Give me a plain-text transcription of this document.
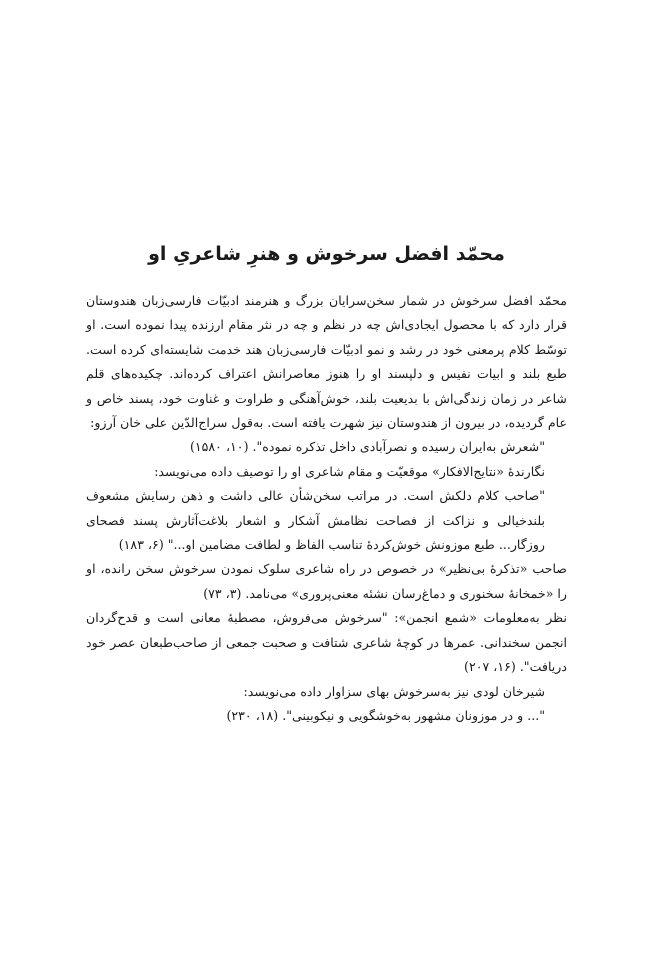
محمّد افضل سرخوش و هنرِ شاعریِ او

محمّد افضل سرخوش در شمار سخن‌سرایان بزرگ و هنرمند ادبیّات فارسی‌زبان هندوستان قرار دارد که با محصول ایجادی‌اش چه در نظم و چه در نثر مقام ارزنده پیدا نموده است. او توسّط کلام پرمعنی خود در رشد و نمو ادبیّات فارسی‌زبان هند خدمت شایسته‌ای کرده است. طبع بلند و ابیات نفیس و دلپسند او را هنوز معاصرانش اعتراف کرده‌اند. چکیده‌های قلم شاعر در زمان زندگی‌اش با بدیعیت بلند، خوش‌آهنگی و طراوت و غناوت خود، پسند خاص و عام گردیده، در بیرون از هندوستان نیز شهرت یافته است. به‌قول سراج‌الدّین علی خان آرزو:

"شعرش به‌ایران رسیده و نصرآبادی داخل تذکره نموده". (۱۰، ۱۵۸۰)

نگارندهٔ «نتایج‌الافکار» موقعیّت و مقام شاعری او را توصیف داده می‌نویسد:

"صاحب کلام دلکش است. در مراتب سخن‌شأن عالی داشت و ذهن رسایش مشعوف بلندخیالی و نزاکت از فصاحت نظامش آشکار و اشعار بلاغت‌آثارش پسند فصحای روزگار... طبع موزونش خوش‌کردهٔ تناسب الفاظ و لطافت مضامین او..." (۶، ۱۸۳)

صاحب «تذکرهٔ بی‌نظیر» در خصوص در راه شاعری سلوک نمودن سرخوش سخن رانده، او را «خمخانهٔ سخنوری و دماغ‌رسان نشئه معنی‌پروری» می‌نامد. (۳، ۷۳)

نظر به‌معلومات «شمع انجمن»: "سرخوش می‌فروش، مصطبهٔ معانی است و قدح‌گردان انجمن سخندانی. عمرها در کوچهٔ شاعری شتافت و صحبت جمعی از صاحب‌طبعان عصر خود دریافت". (۱۶، ۲۰۷)

شیرخان لودی نیز به‌سرخوش بهای سزاوار داده می‌نویسد:

"... و در موزونان مشهور به‌خوشگویی و نیکوبینی". (۱۸، ۲۳۰)
